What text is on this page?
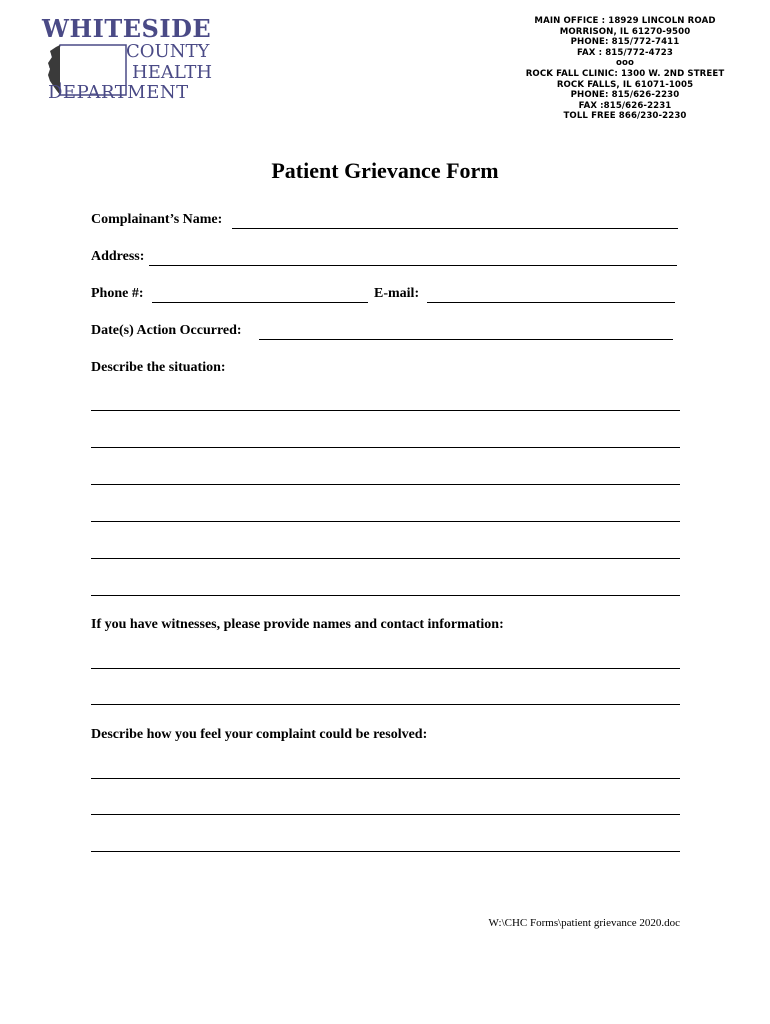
WHITESIDE
COUNTY
HEALTH
DEPARTMENT
MAIN OFFICE : 18929 LINCOLN ROAD
MORRISON, IL 61270-9500
PHONE: 815/772-7411
FAX : 815/772-4723
ooo
ROCK FALL CLINIC: 1300 W. 2ND STREET
ROCK FALLS, IL 61071-1005
PHONE: 815/626-2230
FAX :815/626-2231
TOLL FREE 866/230-2230
Patient Grievance Form
Complainant’s Name:
Address:
Phone #:	E-mail:
Date(s) Action Occurred:
Describe the situation:
If you have witnesses, please provide names and contact information:
Describe how you feel your complaint could be resolved:
W:\CHC Forms\patient grievance 2020.doc
